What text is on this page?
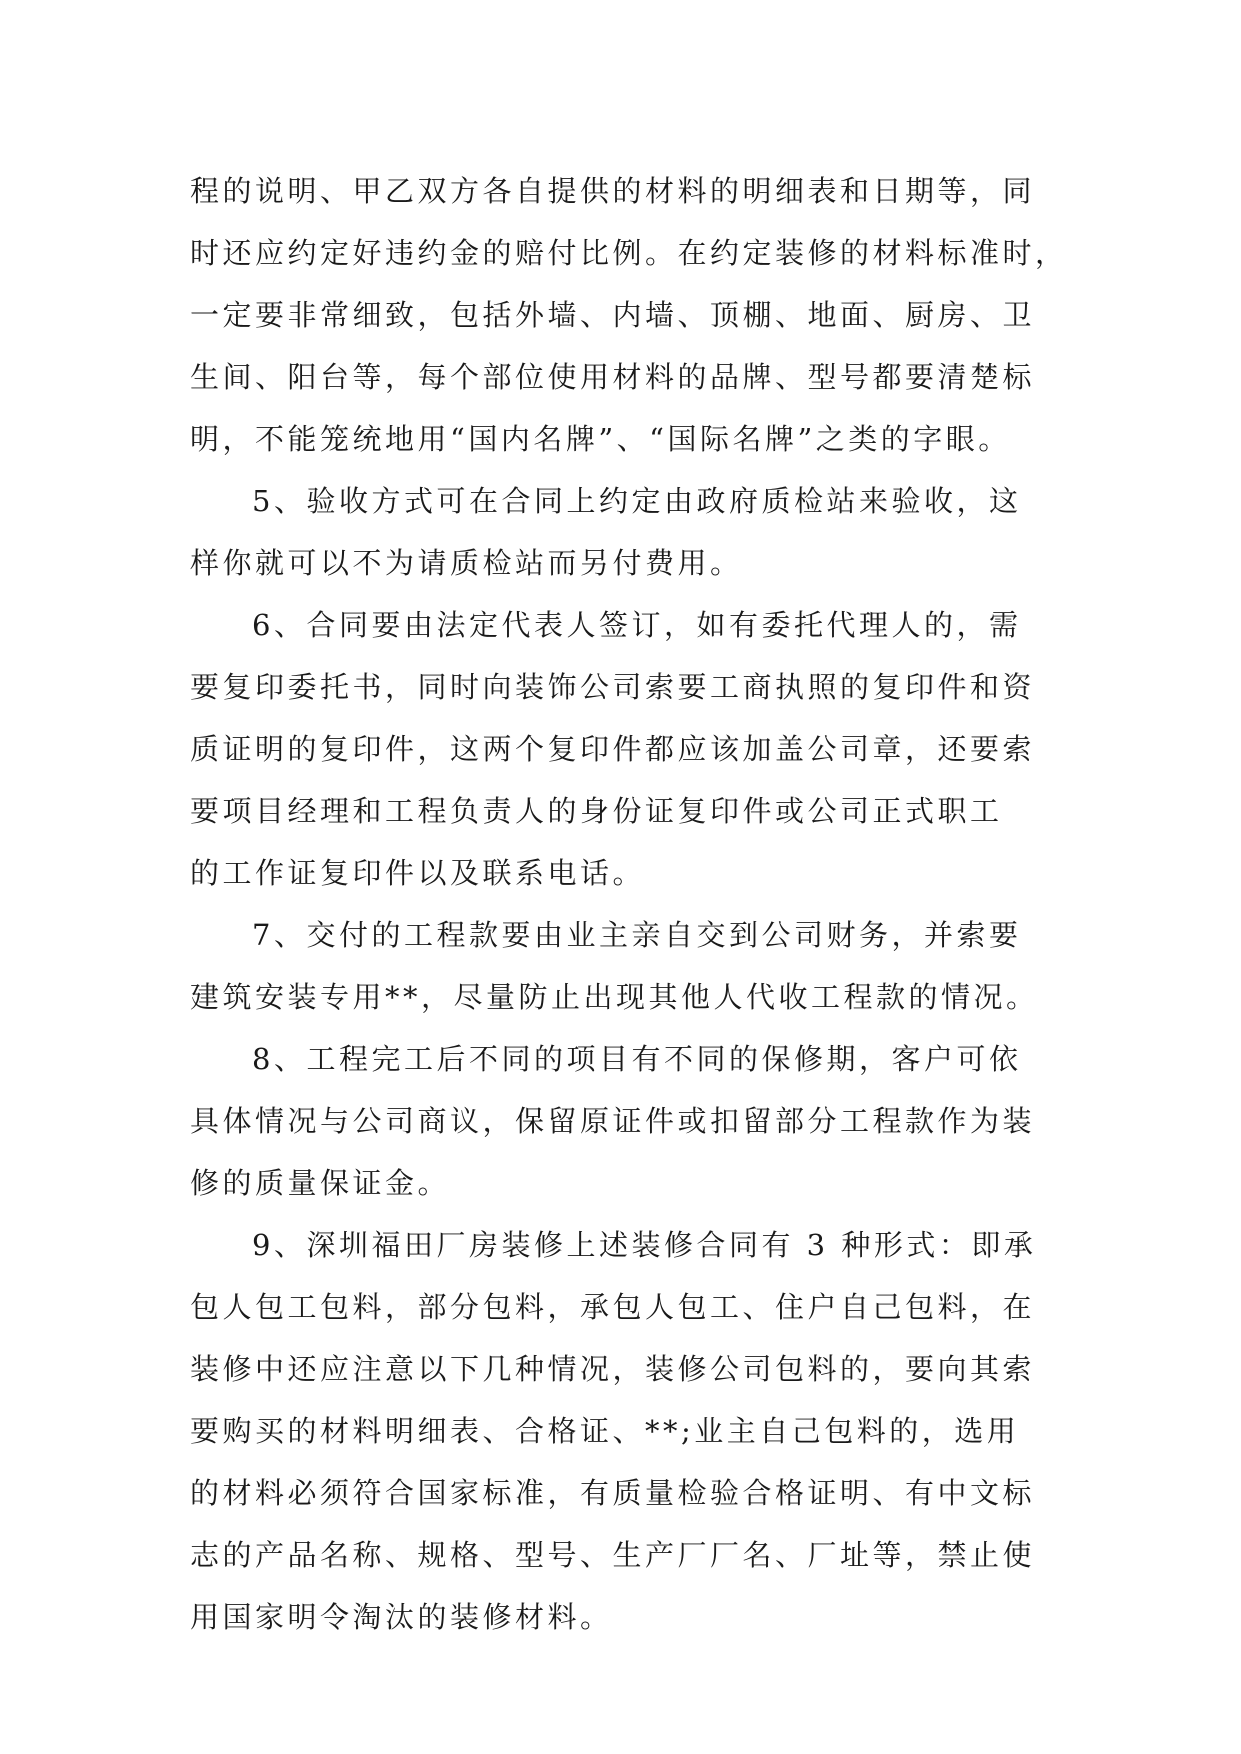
程的说明、甲乙双方各自提供的材料的明细表和日期等，同
时还应约定好违约金的赔付比例。在约定装修的材料标准时，
一定要非常细致，包括外墙、内墙、顶棚、地面、厨房、卫
生间、阳台等，每个部位使用材料的品牌、型号都要清楚标
明，不能笼统地用“国内名牌”、“国际名牌”之类的字眼。
5、验收方式可在合同上约定由政府质检站来验收，这
样你就可以不为请质检站而另付费用。
6、合同要由法定代表人签订，如有委托代理人的，需
要复印委托书，同时向装饰公司索要工商执照的复印件和资
质证明的复印件，这两个复印件都应该加盖公司章，还要索
要项目经理和工程负责人的身份证复印件或公司正式职工
的工作证复印件以及联系电话。
7、交付的工程款要由业主亲自交到公司财务，并索要
建筑安装专用**，尽量防止出现其他人代收工程款的情况。
8、工程完工后不同的项目有不同的保修期，客户可依
具体情况与公司商议，保留原证件或扣留部分工程款作为装
修的质量保证金。
9、深圳福田厂房装修上述装修合同有 3 种形式：即承
包人包工包料，部分包料，承包人包工、住户自己包料，在
装修中还应注意以下几种情况，装修公司包料的，要向其索
要购买的材料明细表、合格证、**;业主自己包料的，选用
的材料必须符合国家标准，有质量检验合格证明、有中文标
志的产品名称、规格、型号、生产厂厂名、厂址等，禁止使
用国家明令淘汰的装修材料。
